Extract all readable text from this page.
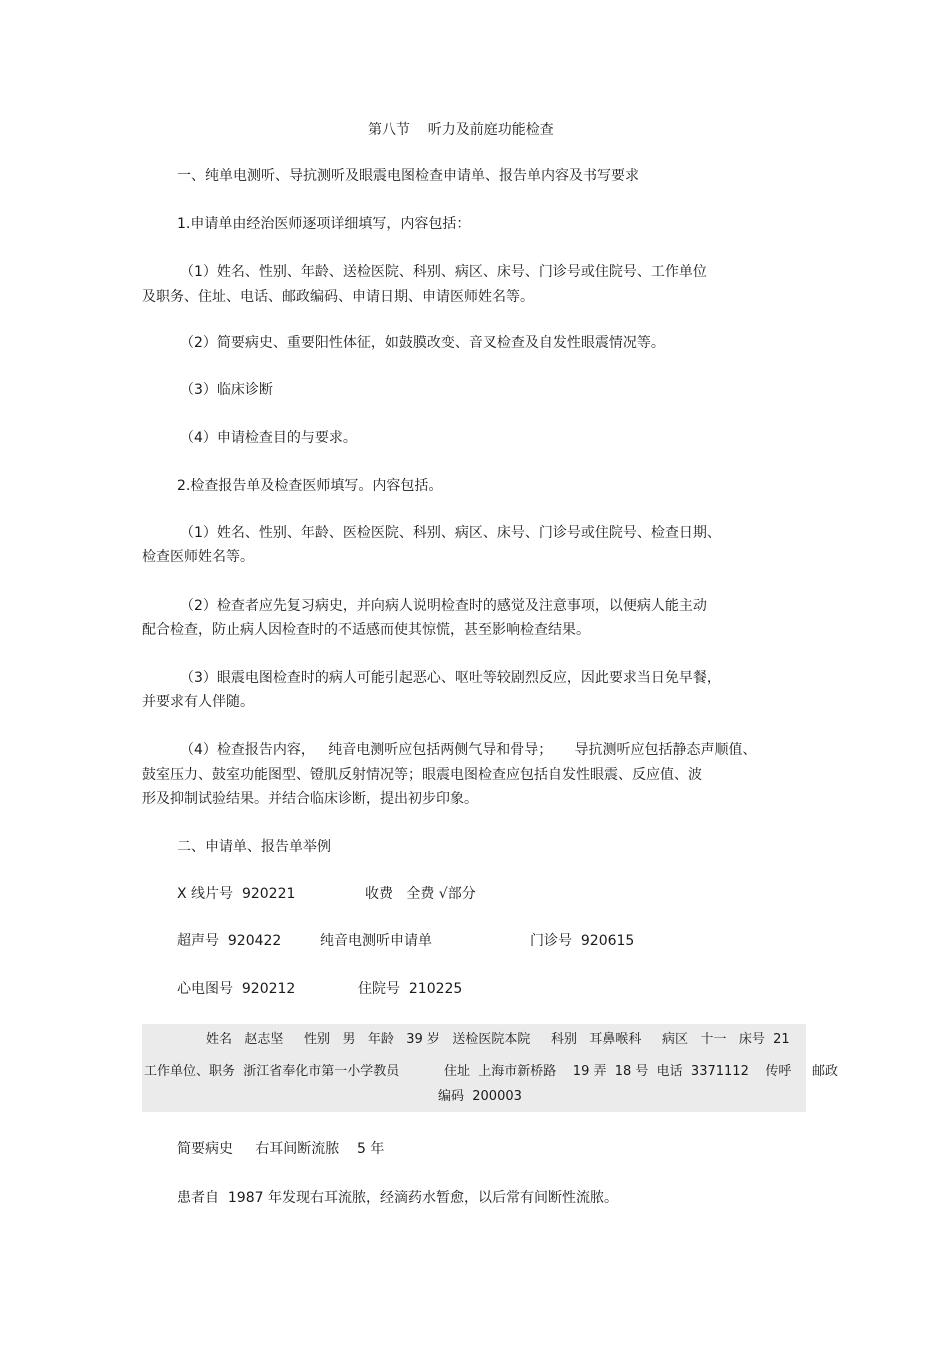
第八节    听力及前庭功能检查
一、纯单电测听、导抗测听及眼震电图检查申请单、报告单内容及书写要求
1.申请单由经治医师逐项详细填写，内容包括：
（1）姓名、性别、年龄、送检医院、科别、病区、床号、门诊号或住院号、工作单位
及职务、住址、电话、邮政编码、申请日期、申请医师姓名等。
（2）简要病史、重要阳性体征，如鼓膜改变、音叉检查及自发性眼震情况等。
（3）临床诊断
（4）申请检查目的与要求。
2.检查报告单及检查医师填写。内容包括。
（1）姓名、性别、年龄、医检医院、科别、病区、床号、门诊号或住院号、检查日期、
检查医师姓名等。
（2）检查者应先复习病史，并向病人说明检查时的感觉及注意事项，以便病人能主动
配合检查，防止病人因检查时的不适感而使其惊慌，甚至影响检查结果。
（3）眼震电图检查时的病人可能引起恶心、呕吐等较剧烈反应，因此要求当日免早餐，
并要求有人伴随。
（4）检查报告内容，   纯音电测听应包括两侧气导和骨导；     导抗测听应包括静态声顺值、
鼓室压力、鼓室功能图型、镫肌反射情况等；眼震电图检查应包括自发性眼震、反应值、波
形及抑制试验结果。并结合临床诊断，提出初步印象。
二、申请单、报告单举例
X 线片号  920221	收费   全费 √部分
超声号  920422	纯音电测听申请单	门诊号  920615
心电图号  920212	住院号  210225
姓名   赵志坚     性别   男   年龄   39 岁   送检医院本院     科别   耳鼻喉科     病区   十一   床号  21
工作单位、职务  浙江省奉化市第一小学教员	住址  上海市新桥路    19 弄  18 号  电话  3371112    传呼     邮政
编码  200003
简要病史     右耳间断流脓    5 年
患者自  1987 年发现右耳流脓，经滴药水暂愈，以后常有间断性流脓。
